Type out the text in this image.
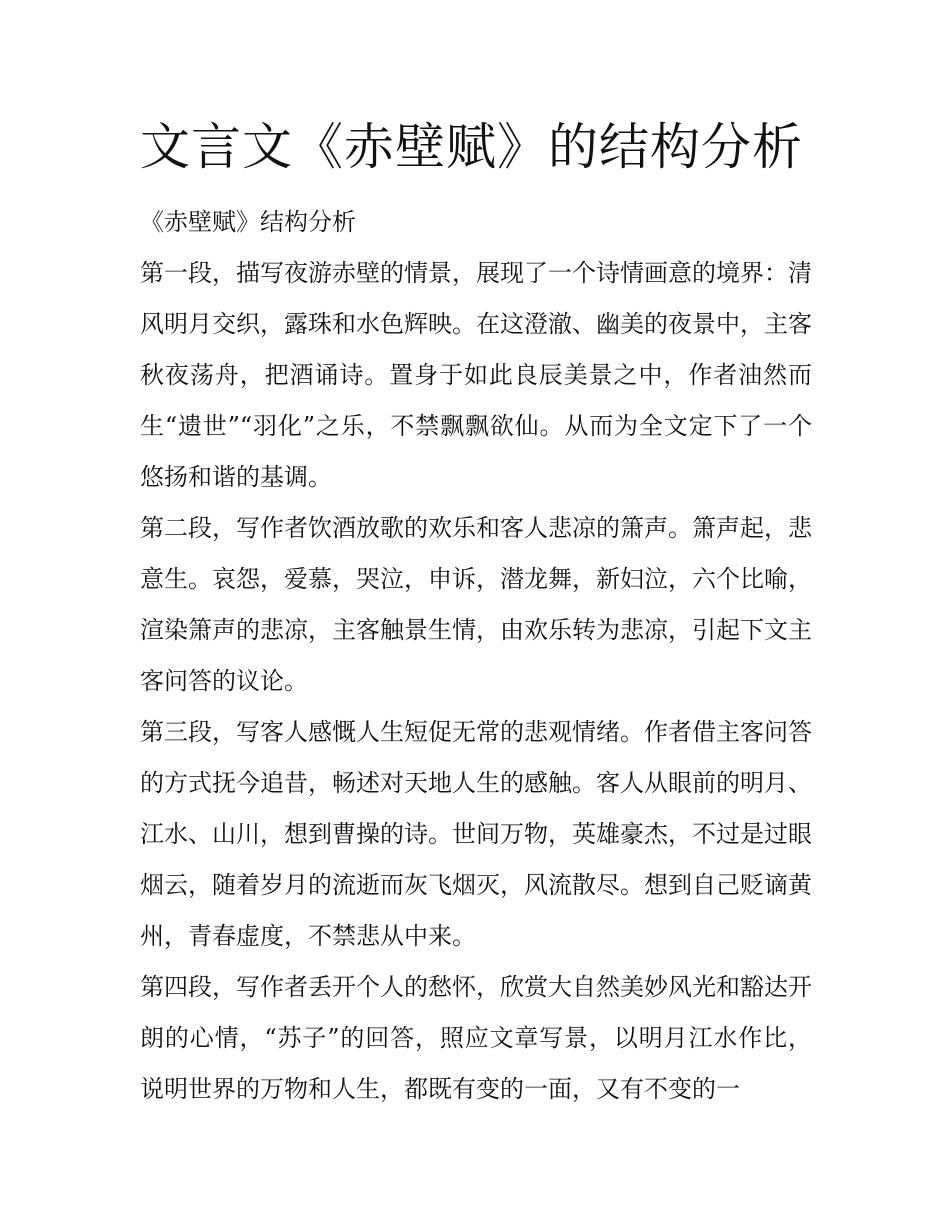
文言文《赤壁赋》的结构分析

《赤壁赋》结构分析

第一段，描写夜游赤壁的情景，展现了一个诗情画意的境界：清风明月交织，露珠和水色辉映。在这澄澈、幽美的夜景中，主客秋夜荡舟，把酒诵诗。置身于如此良辰美景之中，作者油然而生“遗世”“羽化”之乐，不禁飘飘欲仙。从而为全文定下了一个悠扬和谐的基调。

第二段，写作者饮酒放歌的欢乐和客人悲凉的箫声。箫声起，悲意生。哀怨，爱慕，哭泣，申诉，潜龙舞，新妇泣，六个比喻，渲染箫声的悲凉，主客触景生情，由欢乐转为悲凉，引起下文主客问答的议论。

第三段，写客人感慨人生短促无常的悲观情绪。作者借主客问答的方式抚今追昔，畅述对天地人生的感触。客人从眼前的明月、江水、山川，想到曹操的诗。世间万物，英雄豪杰，不过是过眼烟云，随着岁月的流逝而灰飞烟灭，风流散尽。想到自己贬谪黄州，青春虚度，不禁悲从中来。

第四段，写作者丢开个人的愁怀，欣赏大自然美妙风光和豁达开朗的心情，“苏子”的回答，照应文章写景，以明月江水作比，说明世界的万物和人生，都既有变的一面，又有不变的一
